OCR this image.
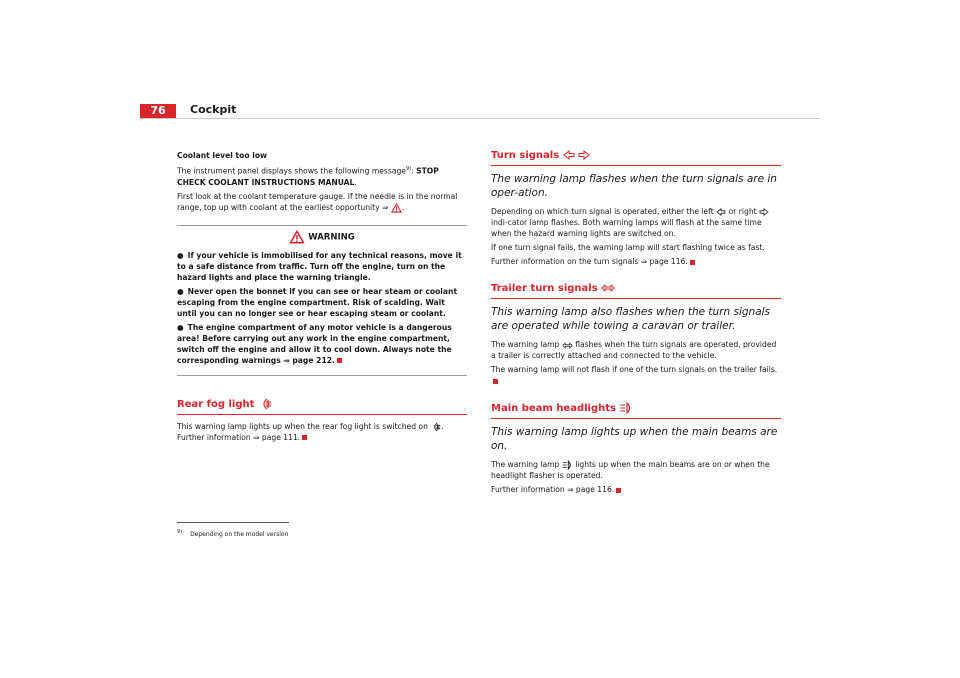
76	Cockpit

Coolant level too low

The instrument panel displays shows the following message$^{9)}$: STOP CHECK COOLANT INSTRUCTIONS MANUAL.

First look at the coolant temperature gauge. If the needle is in the normal range, top up with coolant at the earliest opportunity ⇒ .

WARNING

● If your vehicle is immobilised for any technical reasons, move it to a safe distance from traffic. Turn off the engine, turn on the hazard lights and place the warning triangle.

● Never open the bonnet if you can see or hear steam or coolant escaping from the engine compartment. Risk of scalding. Wait until you can no longer see or hear escaping steam or coolant.

● The engine compartment of any motor vehicle is a dangerous area! Before carrying out any work in the engine compartment, switch off the engine and allow it to cool down. Always note the corresponding warnings ⇒ page 212.

Rear fog light

This warning lamp lights up when the rear fog light is switched on . Further information ⇒ page 111.

$^{9)}$ Depending on the model version
Turn signals

The warning lamp flashes when the turn signals are in oper-ation.

Depending on which turn signal is operated, either the left or right  indi-cator lamp flashes. Both warning lamps will flash at the same time when the hazard warning lights are switched on.

If one turn signal fails, the warning lamp will start flashing twice as fast.

Further information on the turn signals ⇒ page 116.

Trailer turn signals

This warning lamp also flashes when the turn signals are operated while towing a caravan or trailer.

The warning lamp flashes when the turn signals are operated, provided a trailer is correctly attached and connected to the vehicle.

The warning lamp will not flash if one of the turn signals on the trailer fails.

Main beam headlights

This warning lamp lights up when the main beams are on.

The warning lamp lights up when the main beams are on or when the headlight flasher is operated.

Further information ⇒ page 116.
